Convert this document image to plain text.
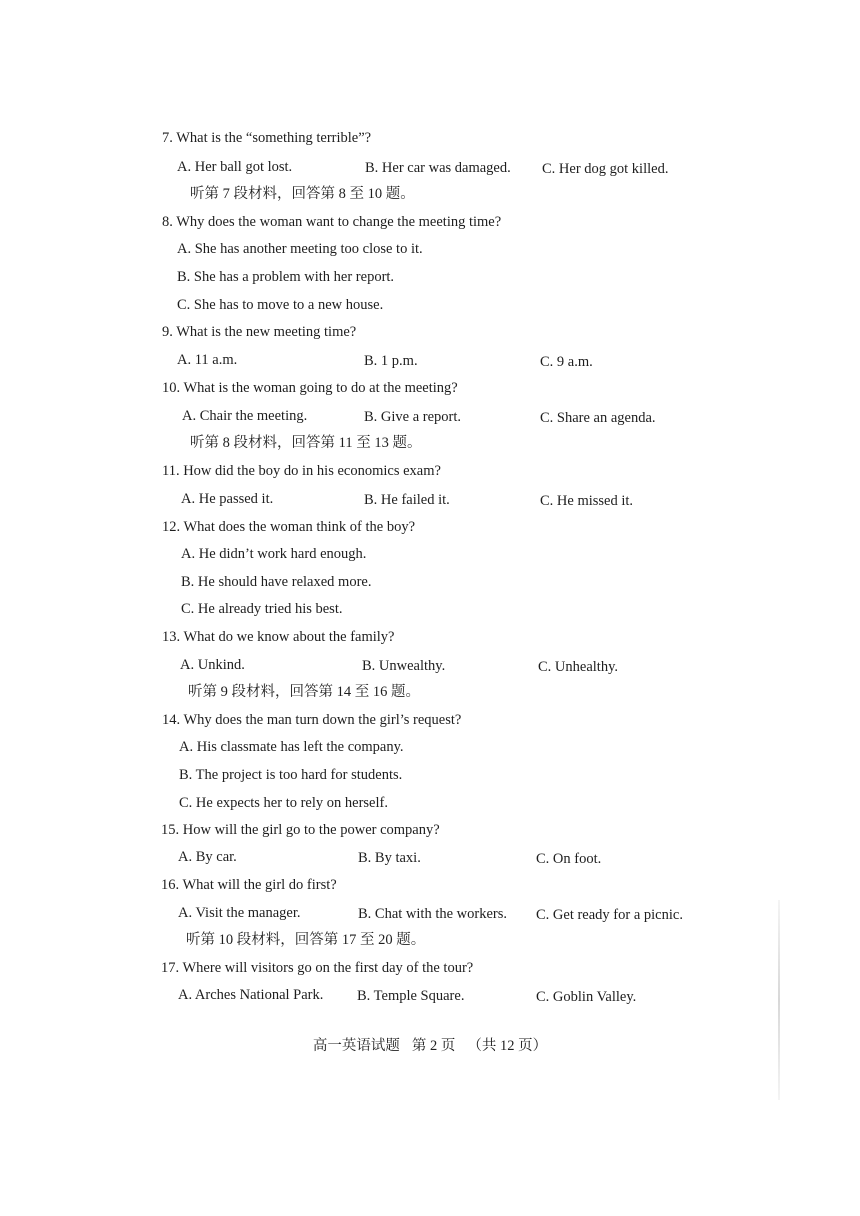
7. What is the “something terrible”?
A. Her ball got lost.	B. Her car was damaged. C. Her dog got killed.
听第 7 段材料，回答第 8 至 10 题。
8. Why does the woman want to change the meeting time?
A. She has another meeting too close to it.
B. She has a problem with her report.
C. She has to move to a new house.
9. What is the new meeting time?
A. 11 a.m.	B. 1 p.m.	C. 9 a.m.
10. What is the woman going to do at the meeting?
A. Chair the meeting.	B. Give a report.	C. Share an agenda.
听第 8 段材料，回答第 11 至 13 题。
11. How did the boy do in his economics exam?
A. He passed it.	B. He failed it.	C. He missed it.
12. What does the woman think of the boy?
A. He didn’t work hard enough.
B. He should have relaxed more.
C. He already tried his best.
13. What do we know about the family?
A. Unkind.	B. Unwealthy.	C. Unhealthy.
听第 9 段材料，回答第 14 至 16 题。
14. Why does the man turn down the girl’s request?
A. His classmate has left the company.
B. The project is too hard for students.
C. He expects her to rely on herself.
15. How will the girl go to the power company?
A. By car.	B. By taxi.	C. On foot.
16. What will the girl do first?
A. Visit the manager.	B. Chat with the workers. C. Get ready for a picnic.
听第 10 段材料，回答第 17 至 20 题。
17. Where will visitors go on the first day of the tour?
A. Arches National Park. B. Temple Square.	C. Goblin Valley.
高一英语试题 第 2 页 （共 12 页）
